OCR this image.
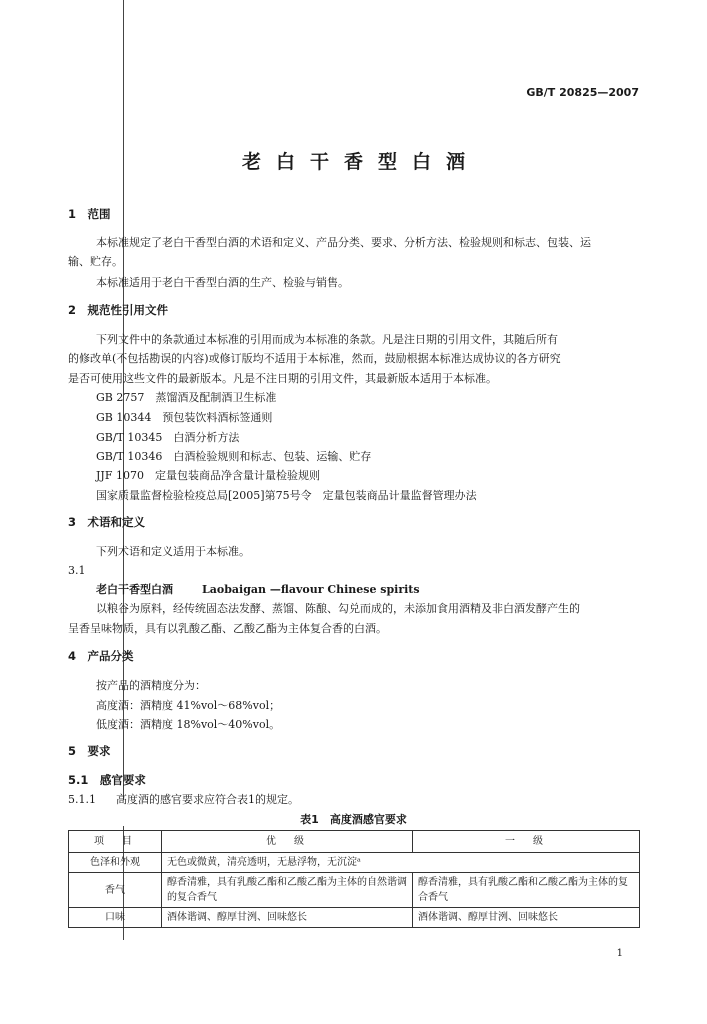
GB/T 20825—2007
老白干香型白酒
1　范围
本标准规定了老白干香型白酒的术语和定义、产品分类、要求、分析方法、检验规则和标志、包装、运
输、贮存。
本标准适用于老白干香型白酒的生产、检验与销售。
2　规范性引用文件
下列文件中的条款通过本标准的引用而成为本标准的条款。凡是注日期的引用文件，其随后所有
的修改单(不包括勘误的内容)或修订版均不适用于本标准，然而，鼓励根据本标准达成协议的各方研究
是否可使用这些文件的最新版本。凡是不注日期的引用文件，其最新版本适用于本标准。
GB 2757　蒸馏酒及配制酒卫生标准
GB 10344　预包装饮料酒标签通则
GB/T 10345　白酒分析方法
GB/T 10346　白酒检验规则和标志、包装、运输、贮存
JJF 1070　定量包装商品净含量计量检验规则
国家质量监督检验检疫总局[2005]第75号令　定量包装商品计量监督管理办法
3　术语和定义
下列术语和定义适用于本标准。
3.1
老白干香型白酒	Laobaigan —flavour Chinese spirits
以粮谷为原料，经传统固态法发酵、蒸馏、陈酿、勾兑而成的，未添加食用酒精及非白酒发酵产生的
呈香呈味物质，具有以乳酸乙酯、乙酸乙酯为主体复合香的白酒。
4　产品分类
按产品的酒精度分为：
高度酒：酒精度 41%vol～68%vol；
低度酒：酒精度 18%vol～40%vol。
5　要求
5.1　感官要求
5.1.1 高度酒的感官要求应符合表1的规定。
表1　 高度酒感官要求
项　目	优　级	一　级
色泽和外观	无色或微黄，清亮透明，无悬浮物，无沉淀ᵃ	
香气	醇香清雅，具有乳酸乙酯和乙酸乙酯为主体的自然谐调的复合香气	醇香清雅，具有乳酸乙酯和乙酸乙酯为主体的复合香气
口味	酒体谐调、醇厚甘洌、回味悠长	酒体谐调、醇厚甘洌、回味悠长
1
